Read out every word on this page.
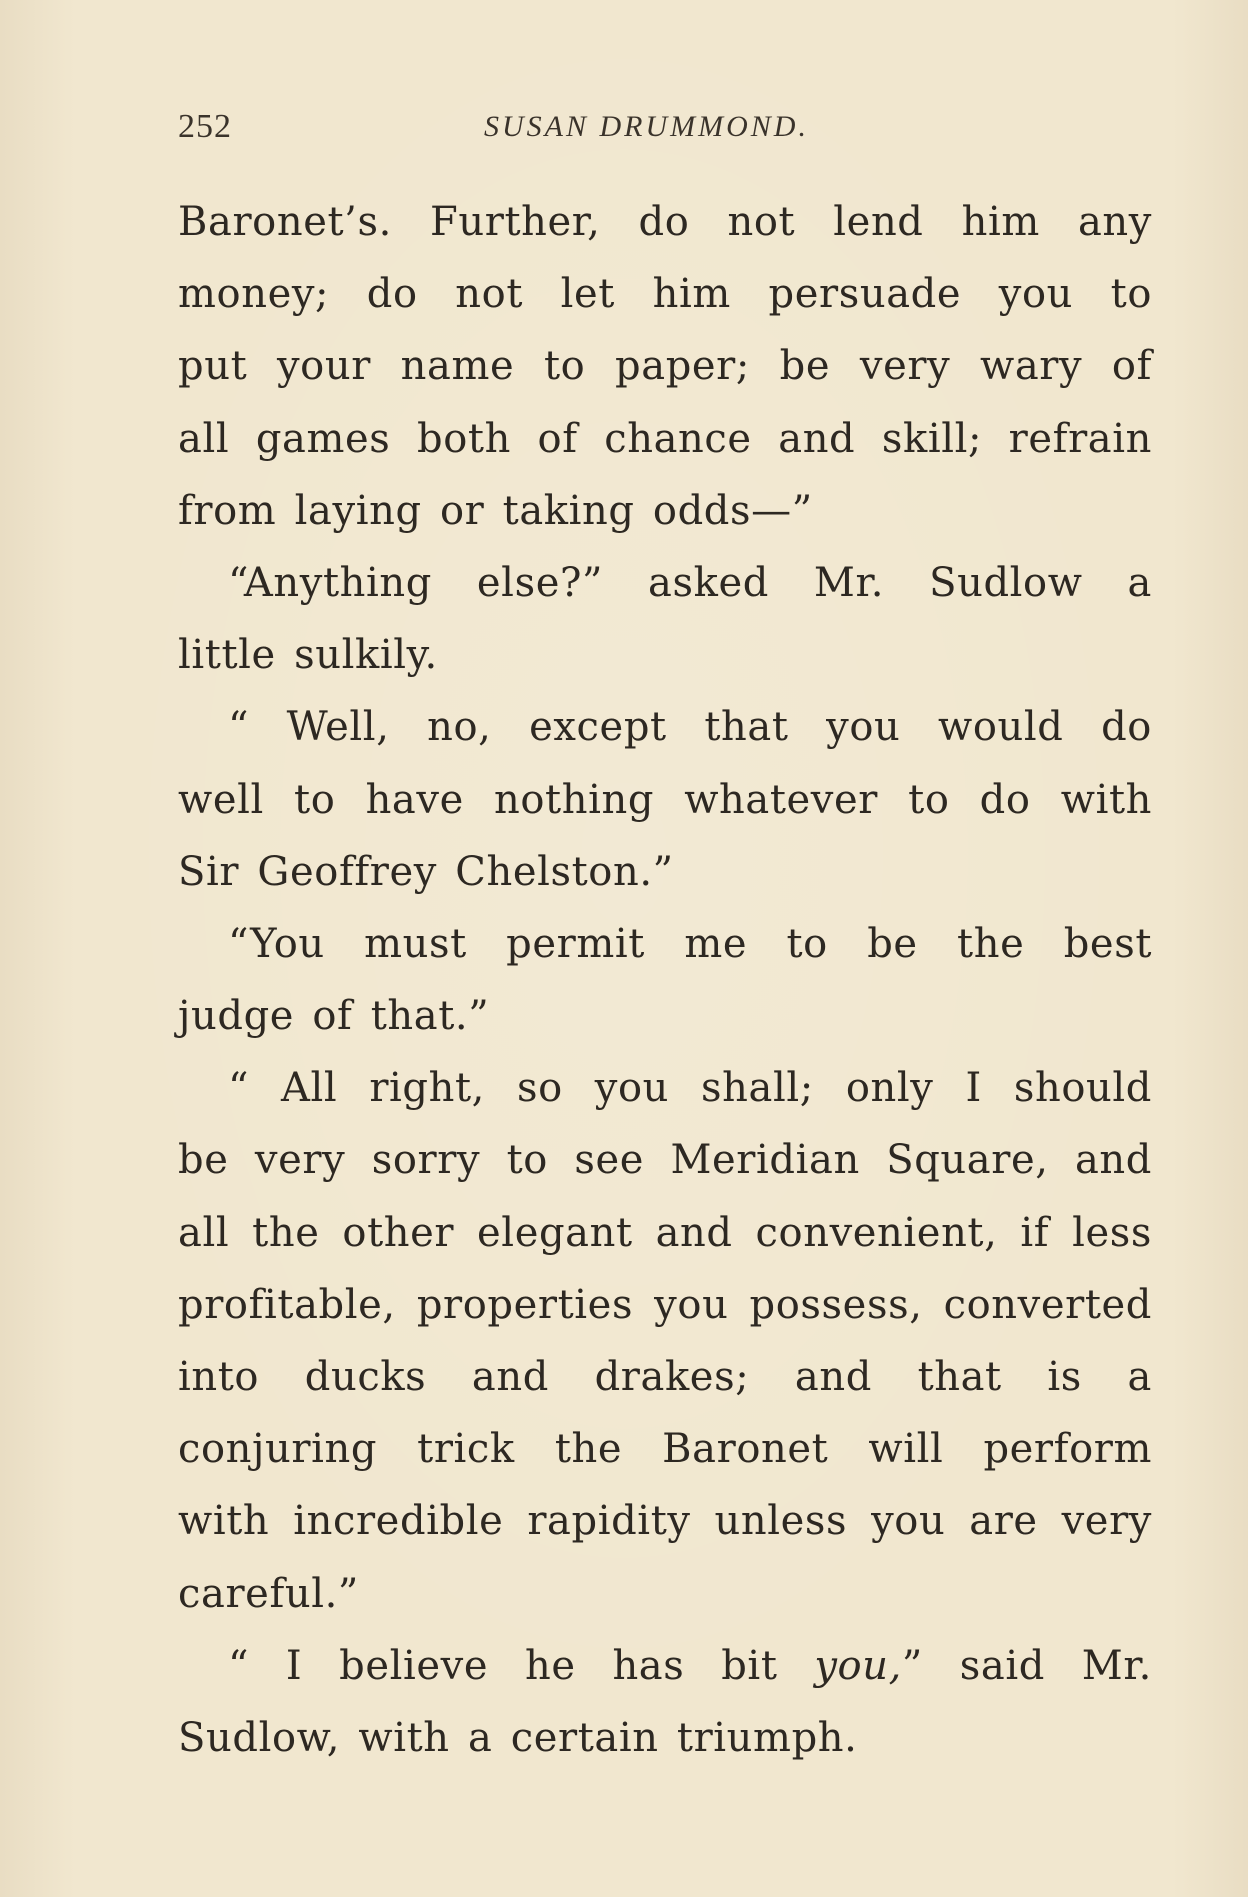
252	SUSAN DRUMMOND.
Baronet’s. Further, do not lend him any
money; do not let him persuade you to
put your name to paper; be very wary of
all games both of chance and skill; refrain
from laying or taking odds—”
“Anything else?” asked Mr. Sudlow a
little sulkily.
“ Well, no, except that you would do
well to have nothing whatever to do with
Sir Geoffrey Chelston.”
“You must permit me to be the best
judge of that.”
“ All right, so you shall; only I should
be very sorry to see Meridian Square, and
all the other elegant and convenient, if less
profitable, properties you possess, converted
into ducks and drakes; and that is a
conjuring trick the Baronet will perform
with incredible rapidity unless you are very
careful.”
“ I believe he has bit you,” said Mr.
Sudlow, with a certain triumph.
